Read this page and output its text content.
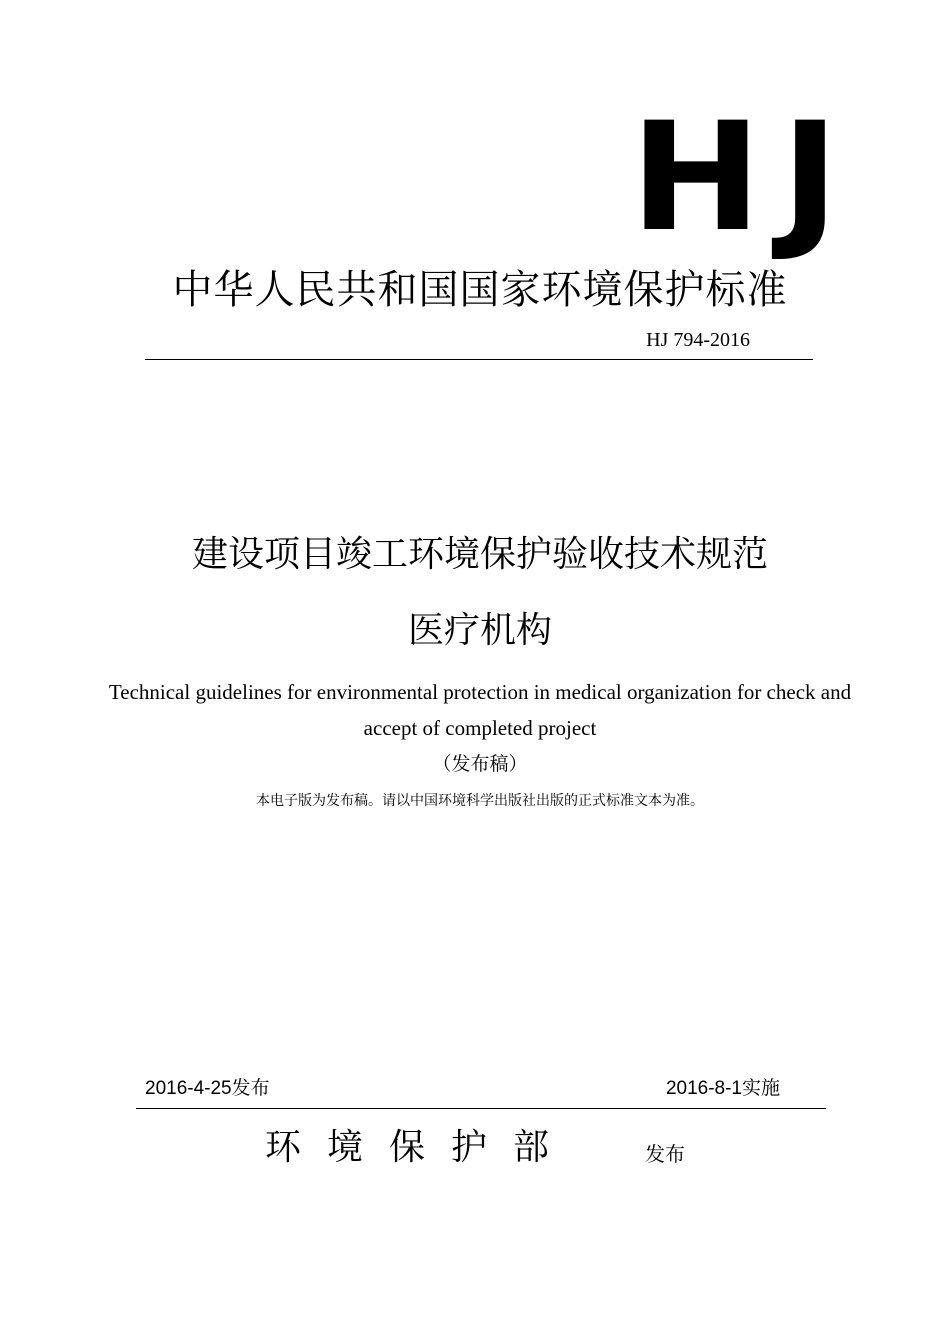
HJ
中华人民共和国国家环境保护标准
HJ 794-2016
建设项目竣工环境保护验收技术规范
医疗机构
Technical guidelines for environmental protection in medical organization for check and accept of completed project
（发布稿）
本电子版为发布稿。请以中国环境科学出版社出版的正式标准文本为准。
2016-4-25发布	2016-8-1实施
环境保护部	发布
